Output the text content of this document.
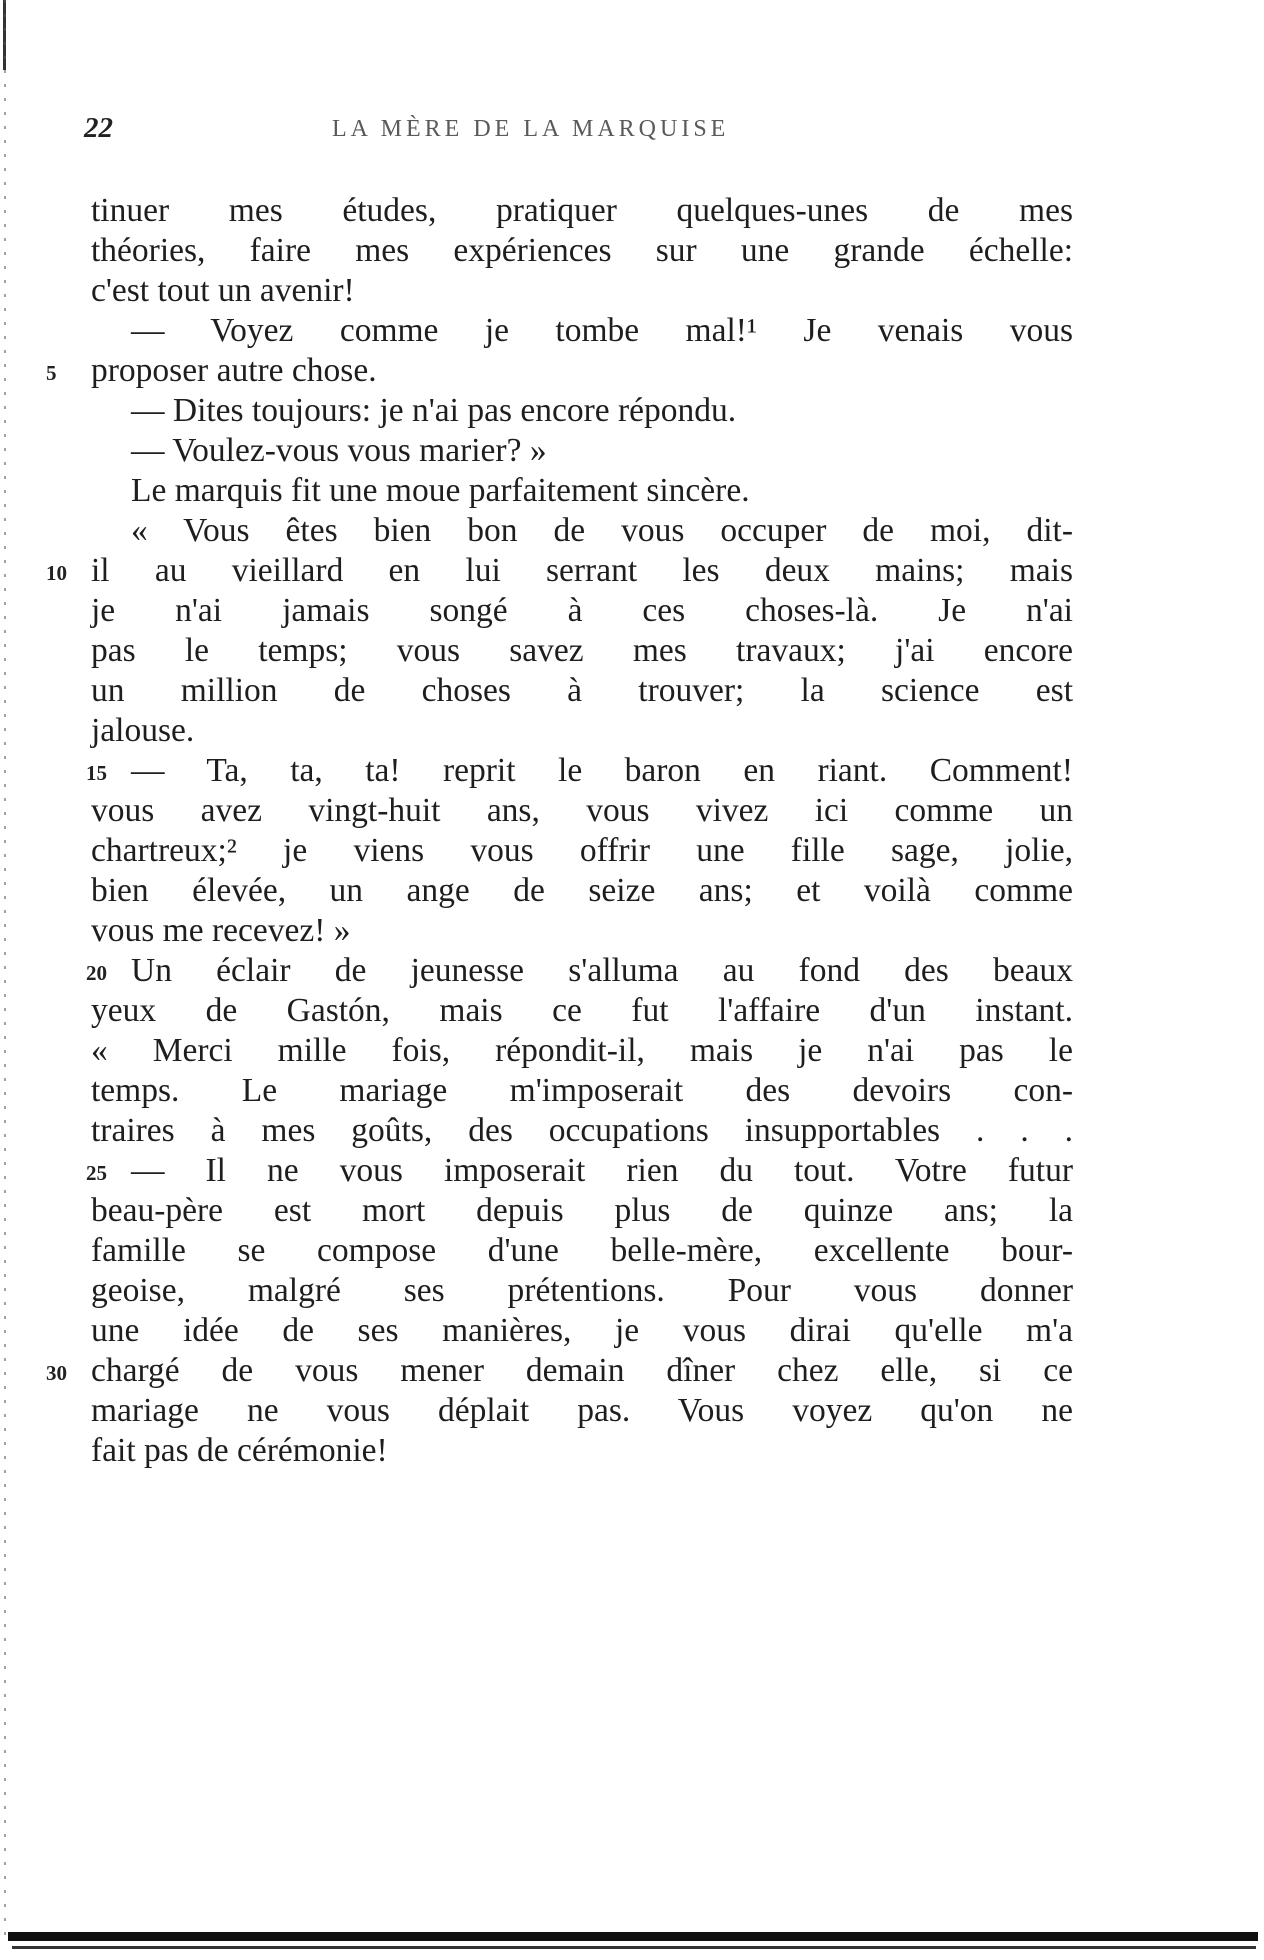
22	LA MÈRE DE LA MARQUISE
tinuer mes études, pratiquer quelques-unes de mes
théories, faire mes expériences sur une grande échelle:
c'est tout un avenir!
— Voyez comme je tombe mal!¹ Je venais vous
5 proposer autre chose.
— Dites toujours: je n'ai pas encore répondu.
— Voulez-vous vous marier? »
Le marquis fit une moue parfaitement sincère.
« Vous êtes bien bon de vous occuper de moi, dit-
10 il au vieillard en lui serrant les deux mains; mais
je n'ai jamais songé à ces choses-là. Je n'ai
pas le temps; vous savez mes travaux; j'ai encore
un million de choses à trouver; la science est
jalouse.
15 — Ta, ta, ta! reprit le baron en riant. Comment!
vous avez vingt-huit ans, vous vivez ici comme un
chartreux;² je viens vous offrir une fille sage, jolie,
bien élevée, un ange de seize ans; et voilà comme
vous me recevez! »
20 Un éclair de jeunesse s'alluma au fond des beaux
yeux de Gastón, mais ce fut l'affaire d'un instant.
« Merci mille fois, répondit-il, mais je n'ai pas le
temps. Le mariage m'imposerait des devoirs con-
traires à mes goûts, des occupations insupportables . . .
25 — Il ne vous imposerait rien du tout. Votre futur
beau-père est mort depuis plus de quinze ans; la
famille se compose d'une belle-mère, excellente bour-
geoise, malgré ses prétentions. Pour vous donner
une idée de ses manières, je vous dirai qu'elle m'a
30 chargé de vous mener demain dîner chez elle, si ce
mariage ne vous déplait pas. Vous voyez qu'on ne
fait pas de cérémonie!
